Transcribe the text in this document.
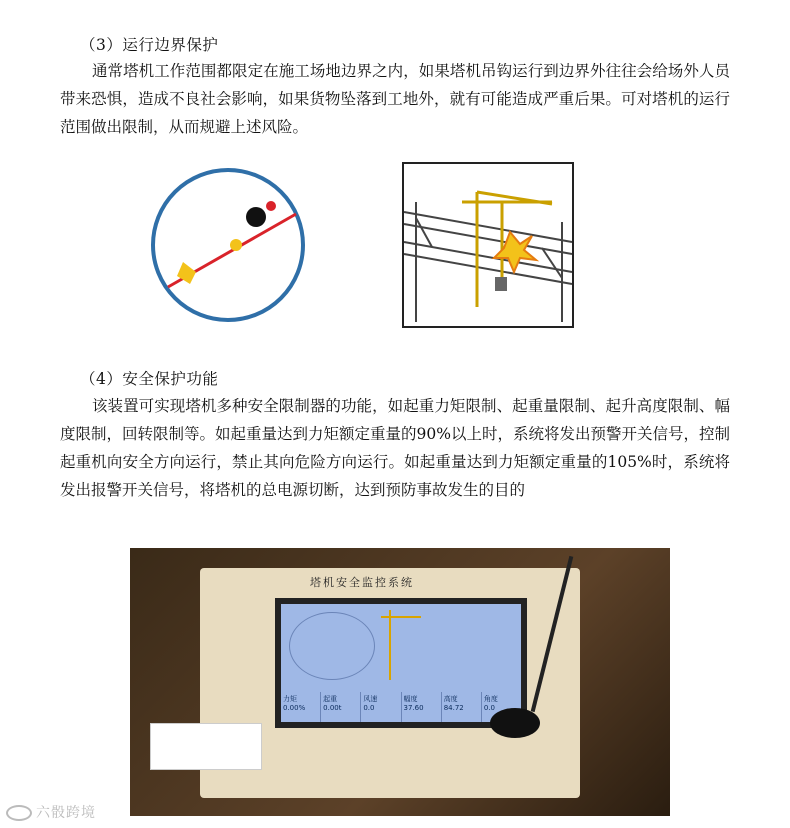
（3）运行边界保护

通常塔机工作范围都限定在施工场地边界之内，如果塔机吊钩运行到边界外往往会给场外人员带来恐惧，造成不良社会影响，如果货物坠落到工地外，就有可能造成严重后果。可对塔机的运行范围做出限制，从而规避上述风险。

（4）安全保护功能

该装置可实现塔机多种安全限制器的功能，如起重力矩限制、起重量限制、起升高度限制、幅度限制，回转限制等。如起重量达到力矩额定重量的90%以上时，系统将发出预警开关信号，控制起重机向安全方向运行，禁止其向危险方向运行。如起重量达到力矩额定重量的105%时，系统将发出报警开关信号，将塔机的总电源切断，达到预防事故发生的目的

塔机安全监控系统
力矩
0.00%
起重
0.00t
风速
0.0
幅度
37.60
高度
84.72
角度
0.0
六骰跨境
